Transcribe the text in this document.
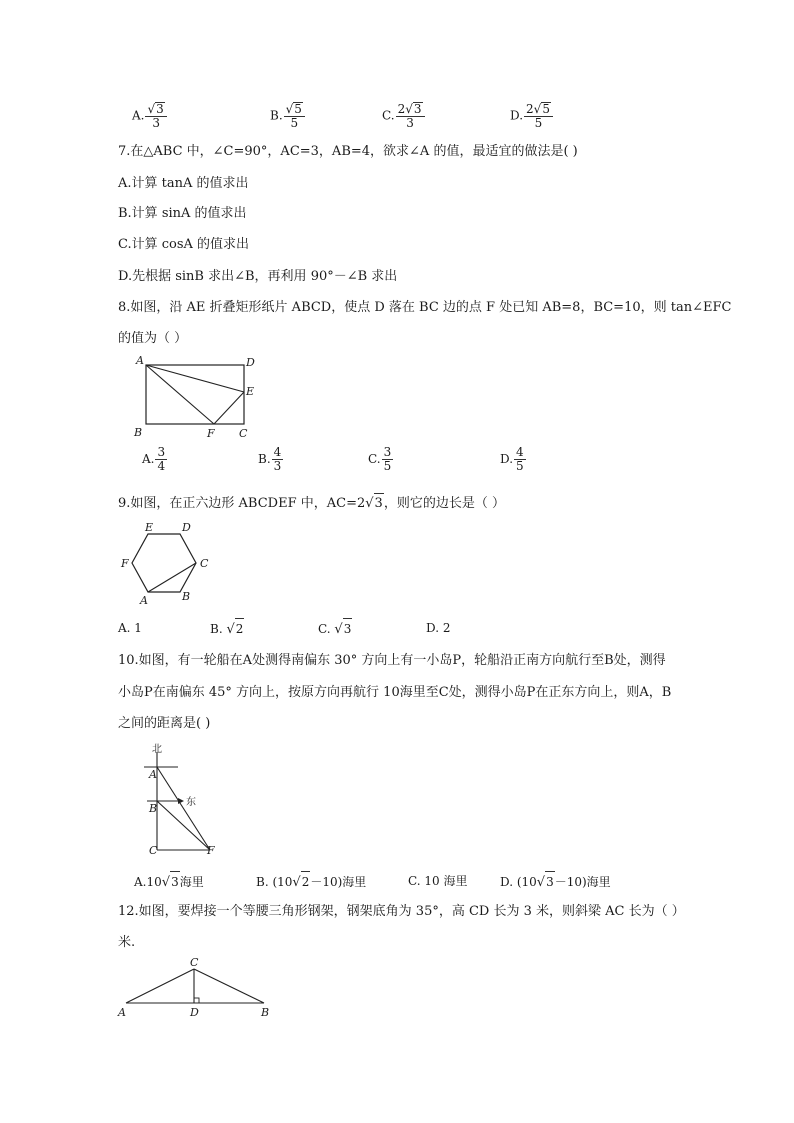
A. $\frac{√3}{3}$	B. $\frac{√5}{5}$	C. $\frac{2√3}{3}$	D. $\frac{2√5}{5}$
7.在△ABC 中，∠C=90°，AC=3，AB=4，欲求∠A 的值，最适宜的做法是( )
A.计算 tanA 的值求出
B.计算 sinA 的值求出
C.计算 cosA 的值求出
D.先根据 sinB 求出∠B，再利用 90°－∠B 求出
8.如图，沿 AE 折叠矩形纸片 ABCD，使点 D 落在 BC 边的点 F 处已知 AB=8，BC=10，则 tan∠EFC
的值为（ ）
A	D
E
B	F C
A. $\frac{3}{4}$	B. $\frac{4}{3}$	C. $\frac{3}{5}$	D. $\frac{4}{5}$
9.如图，在正六边形 ABCDEF 中，AC=2√3，则它的边长是（ ）
E	D
F	C
A	B
A. 1	B. √2	C. √3	D. 2
10.如图，有一轮船在A处测得南偏东 30° 方向上有一小岛P，轮船沿正南方向航行至B处，测得
小岛P在南偏东 45° 方向上，按原方向再航行 10海里至C处，测得小岛P在正东方向上，则A，B
之间的距离是( )
北
东
A
B
C	F
A.10√3海里	B. (10√2－10)海里	C. 10 海里	D. (10√3－10)海里
12.如图，要焊接一个等腰三角形钢架，钢架底角为 35°，高 CD 长为 3 米，则斜梁 AC 长为（ ）
米.
C
A	D	B
